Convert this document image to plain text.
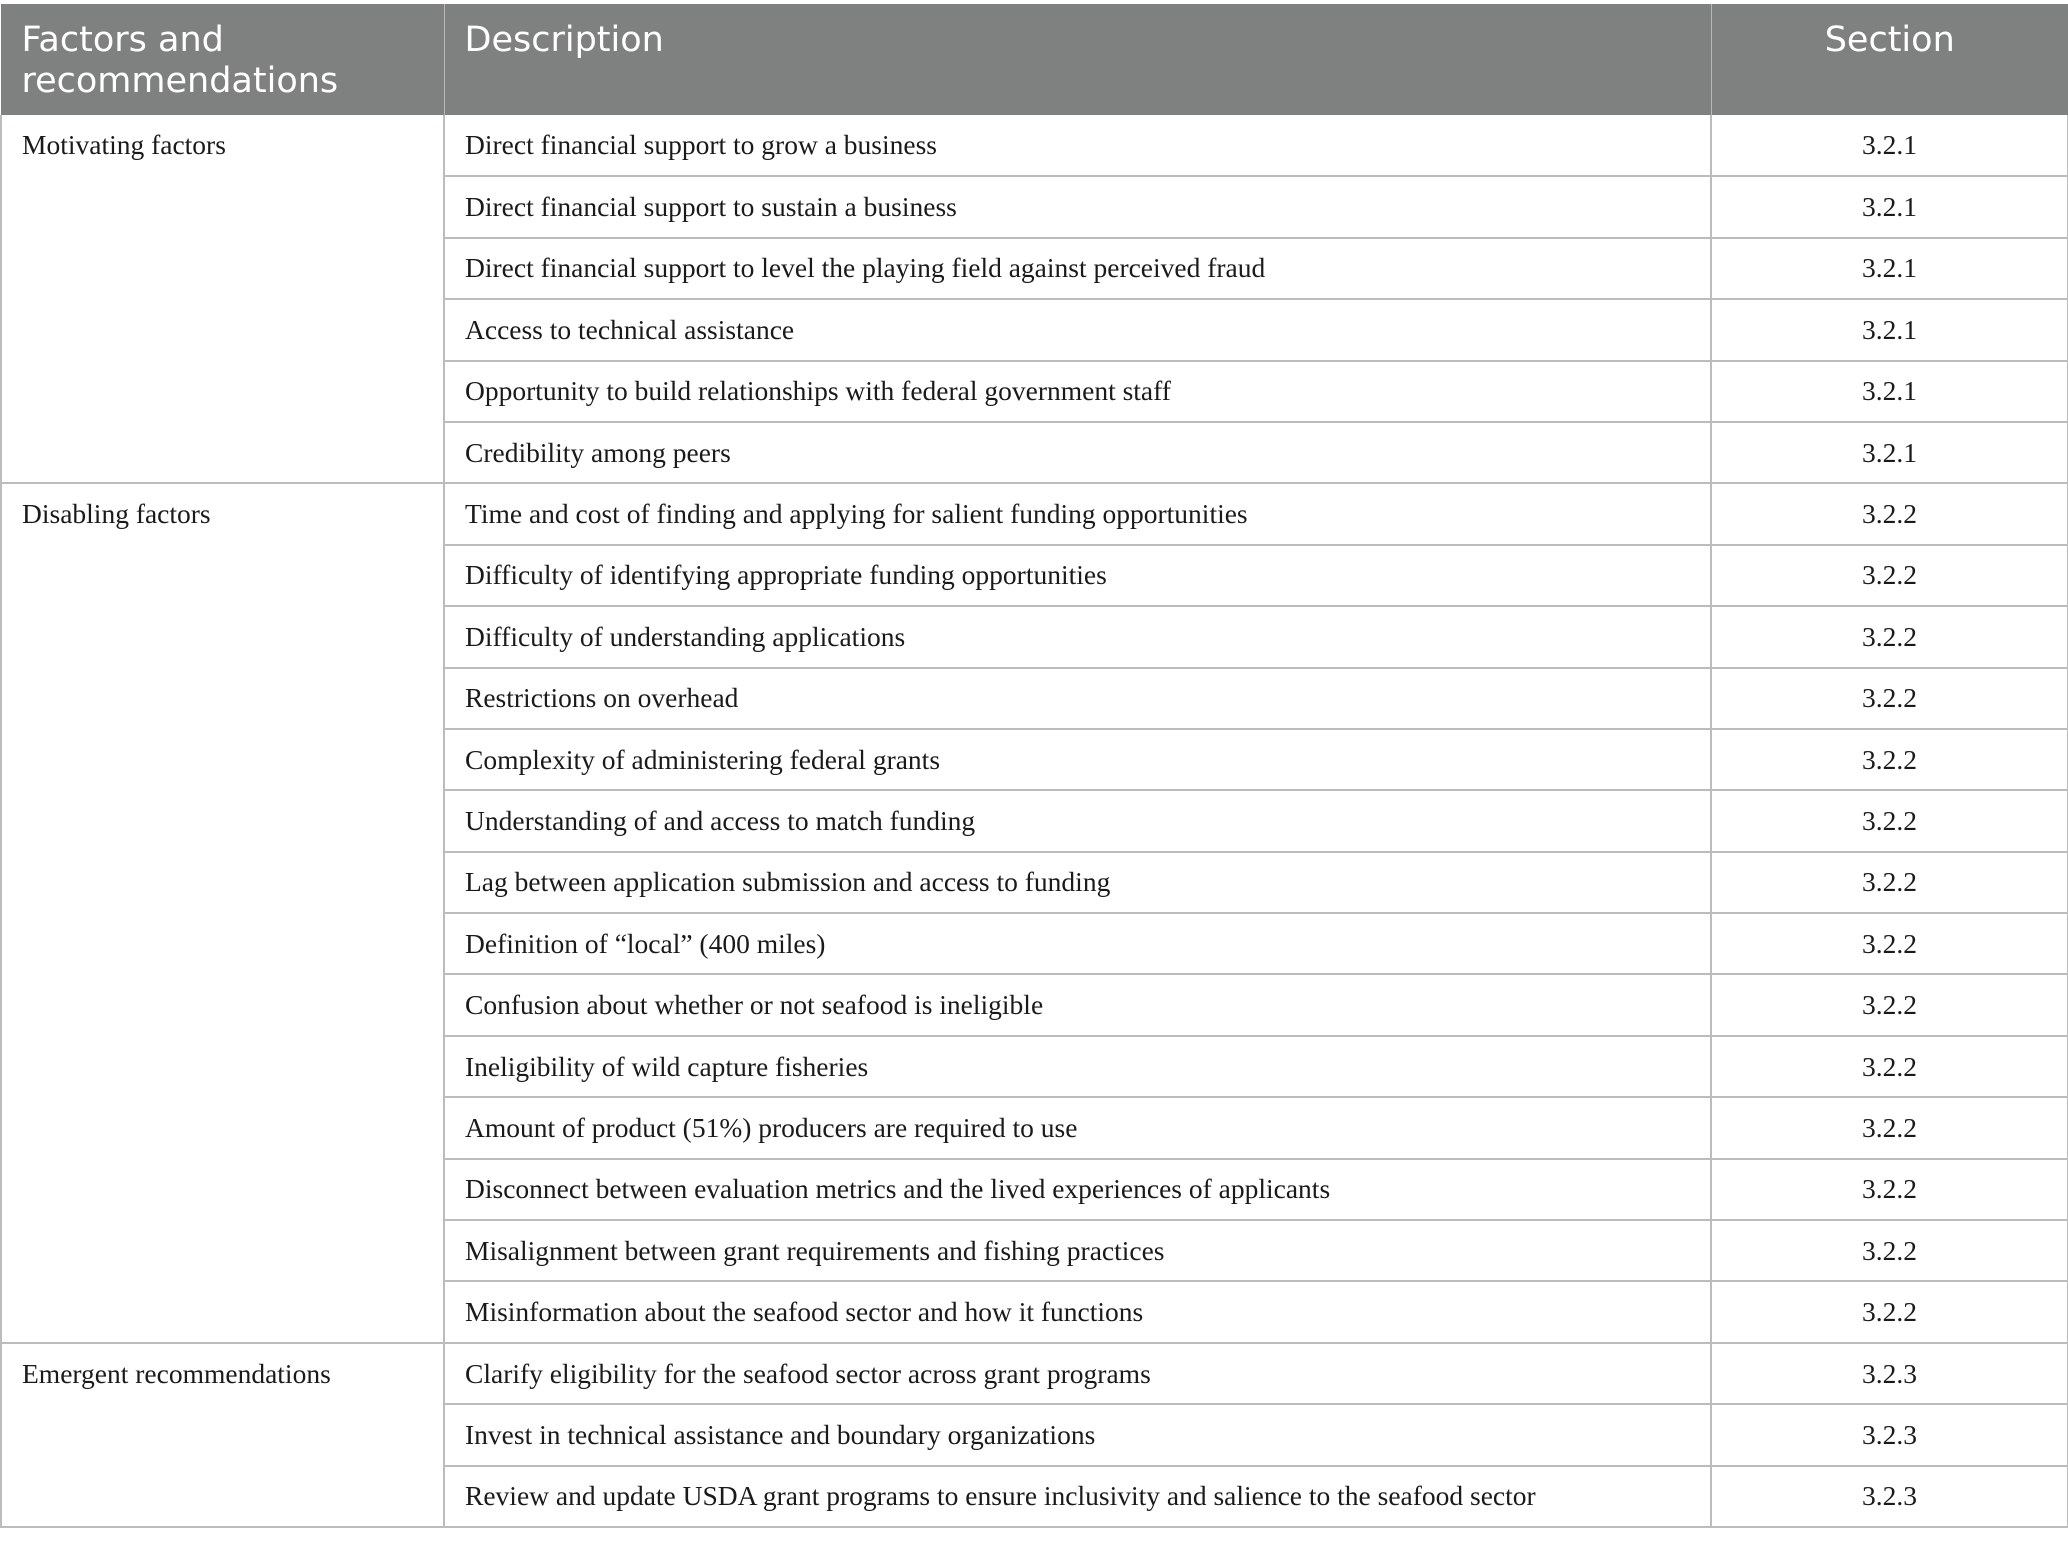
Factors and recommendations	Description	Section
Motivating factors	Direct financial support to grow a business	3.2.1
	Direct financial support to sustain a business	3.2.1
	Direct financial support to level the playing field against perceived fraud	3.2.1
	Access to technical assistance	3.2.1
	Opportunity to build relationships with federal government staff	3.2.1
	Credibility among peers	3.2.1
Disabling factors	Time and cost of finding and applying for salient funding opportunities	3.2.2
	Difficulty of identifying appropriate funding opportunities	3.2.2
	Difficulty of understanding applications	3.2.2
	Restrictions on overhead	3.2.2
	Complexity of administering federal grants	3.2.2
	Understanding of and access to match funding	3.2.2
	Lag between application submission and access to funding	3.2.2
	Definition of “local” (400 miles)	3.2.2
	Confusion about whether or not seafood is ineligible	3.2.2
	Ineligibility of wild capture fisheries	3.2.2
	Amount of product (51%) producers are required to use	3.2.2
	Disconnect between evaluation metrics and the lived experiences of applicants	3.2.2
	Misalignment between grant requirements and fishing practices	3.2.2
	Misinformation about the seafood sector and how it functions	3.2.2
Emergent recommendations	Clarify eligibility for the seafood sector across grant programs	3.2.3
	Invest in technical assistance and boundary organizations	3.2.3
	Review and update USDA grant programs to ensure inclusivity and salience to the seafood sector	3.2.3
